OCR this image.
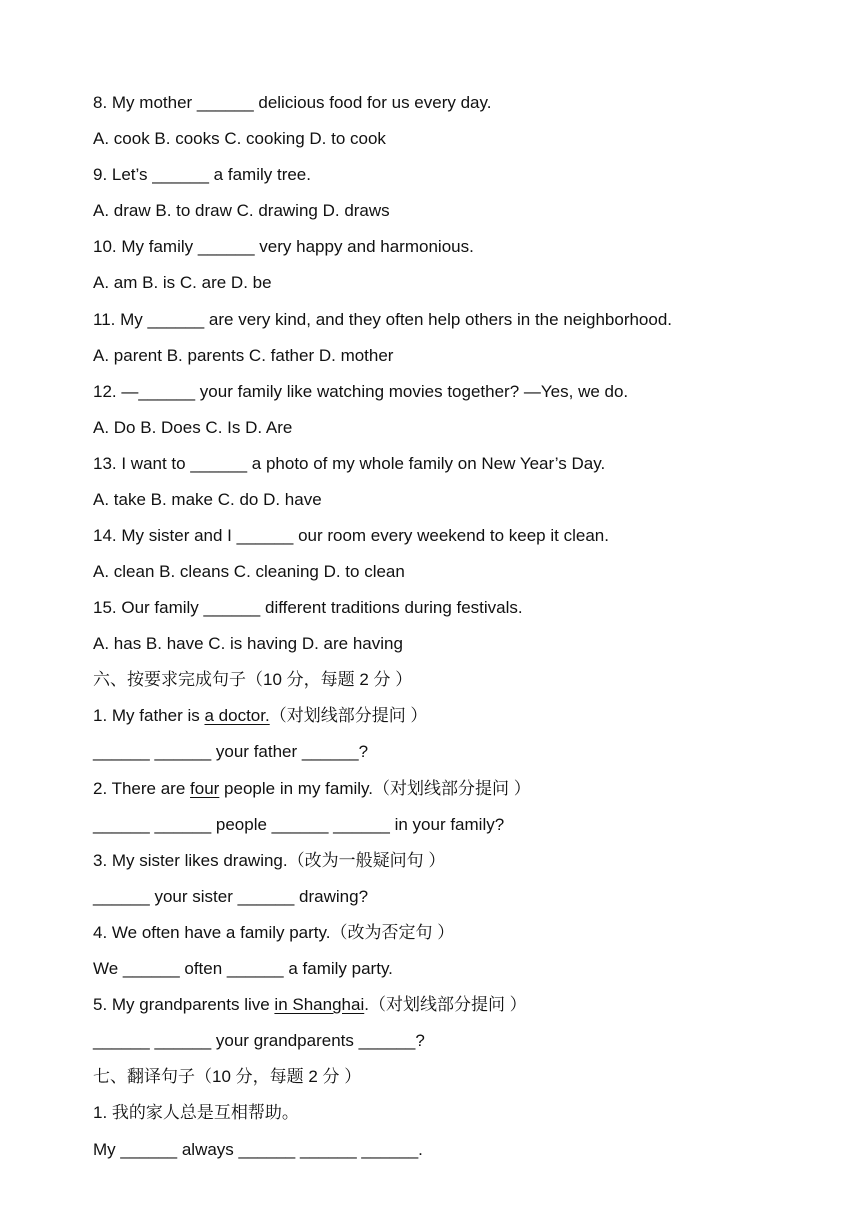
8. My mother ______ delicious food for us every day.
A. cook B. cooks C. cooking D. to cook
9. Let’s ______ a family tree.
A. draw B. to draw C. drawing D. draws
10. My family ______ very happy and harmonious.
A. am B. is C. are D. be
11. My ______ are very kind, and they often help others in the neighborhood.
A. parent B. parents C. father D. mother
12. —______ your family like watching movies together? —Yes, we do.
A. Do B. Does C. Is D. Are
13. I want to ______ a photo of my whole family on New Year’s Day.
A. take B. make C. do D. have
14. My sister and I ______ our room every weekend to keep it clean.
A. clean B. cleans C. cleaning D. to clean
15. Our family ______ different traditions during festivals.
A. has B. have C. is having D. are having
六、按要求完成句子（10 分，每题 2 分 ）
1. My father is a doctor.（对划线部分提问 ）
______ ______ your father ______?
2. There are four people in my family.（对划线部分提问 ）
______ ______ people ______ ______ in your family?
3. My sister likes drawing.（改为一般疑问句 ）
______ your sister ______ drawing?
4. We often have a family party.（改为否定句 ）
We ______ often ______ a family party.
5. My grandparents live in Shanghai.（对划线部分提问 ）
______ ______ your grandparents ______?
七、翻译句子（10 分，每题 2 分 ）
1. 我的家人总是互相帮助。
My ______ always ______ ______ ______.
